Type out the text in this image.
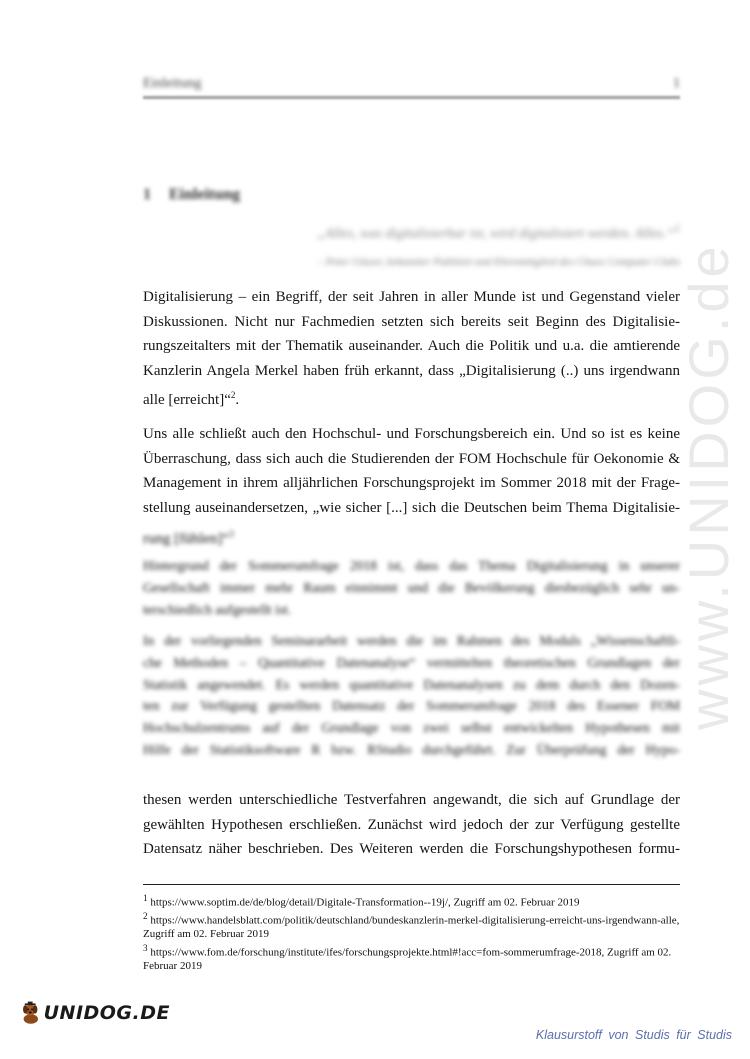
Einleitung	1
1 Einleitung
„Alles, was digitalisierbar ist, wird digitalisiert werden. Alles.“$^1$
– Peter Glaser, bekannter Publizist und Ehrenmitglied des Chaos Computer Clubs
Digitalisierung – ein Begriff, der seit Jahren in aller Munde ist und Gegenstand vieler
Diskussionen. Nicht nur Fachmedien setzten sich bereits seit Beginn des Digitalisie-
rungszeitalters mit der Thematik auseinander. Auch die Politik und u.a. die amtierende
Kanzlerin Angela Merkel haben früh erkannt, dass „Digitalisierung (..) uns irgendwann
alle [erreicht]“$^2$.
Uns alle schließt auch den Hochschul- und Forschungsbereich ein. Und so ist es keine
Überraschung, dass sich auch die Studierenden der FOM Hochschule für Oekonomie &
Management in ihrem alljährlichen Forschungsprojekt im Sommer 2018 mit der Frage-
stellung auseinandersetzen, „wie sicher [...] sich die Deutschen beim Thema Digitalisie-
rung [fühlen]“$^3$
Hintergrund der Sommerumfrage 2018 ist, dass das Thema Digitalisierung in unserer
Gesellschaft immer mehr Raum einnimmt und die Bevölkerung diesbezüglich sehr un-
terschiedlich aufgestellt ist.
In der vorliegenden Seminararbeit werden die im Rahmen des Moduls „Wissenschaftli-
che Methoden – Quantitative Datenanalyse“ vermittelten theoretischen Grundlagen der
Statistik angewendet. Es werden quantitative Datenanalysen zu dem durch den Dozen-
ten zur Verfügung gestellten Datensatz der Sommerumfrage 2018 des Essener FOM
Hochschulzentrums auf der Grundlage von zwei selbst entwickelten Hypothesen mit
Hilfe der Statistiksoftware R bzw. RStudio durchgeführt. Zur Überprüfung der Hypo-
thesen werden unterschiedliche Testverfahren angewandt, die sich auf Grundlage der
gewählten Hypothesen erschließen. Zunächst wird jedoch der zur Verfügung gestellte
Datensatz näher beschrieben. Des Weiteren werden die Forschungshypothesen formu-
$^1$ https://www.soptim.de/de/blog/detail/Digitale-Transformation--19j/, Zugriff am 02. Februar 2019
$^2$ https://www.handelsblatt.com/politik/deutschland/bundeskanzlerin-merkel-digitalisierung-erreicht-uns-irgendwann-alle, Zugriff am 02. Februar 2019
$^3$ https://www.fom.de/forschung/institute/ifes/forschungsprojekte.html#!acc=fom-sommerumfrage-2018, Zugriff am 02. Februar 2019
www.UNIDOG.de
UNIDOG.DE
Klausurstoff von Studis für Studis
